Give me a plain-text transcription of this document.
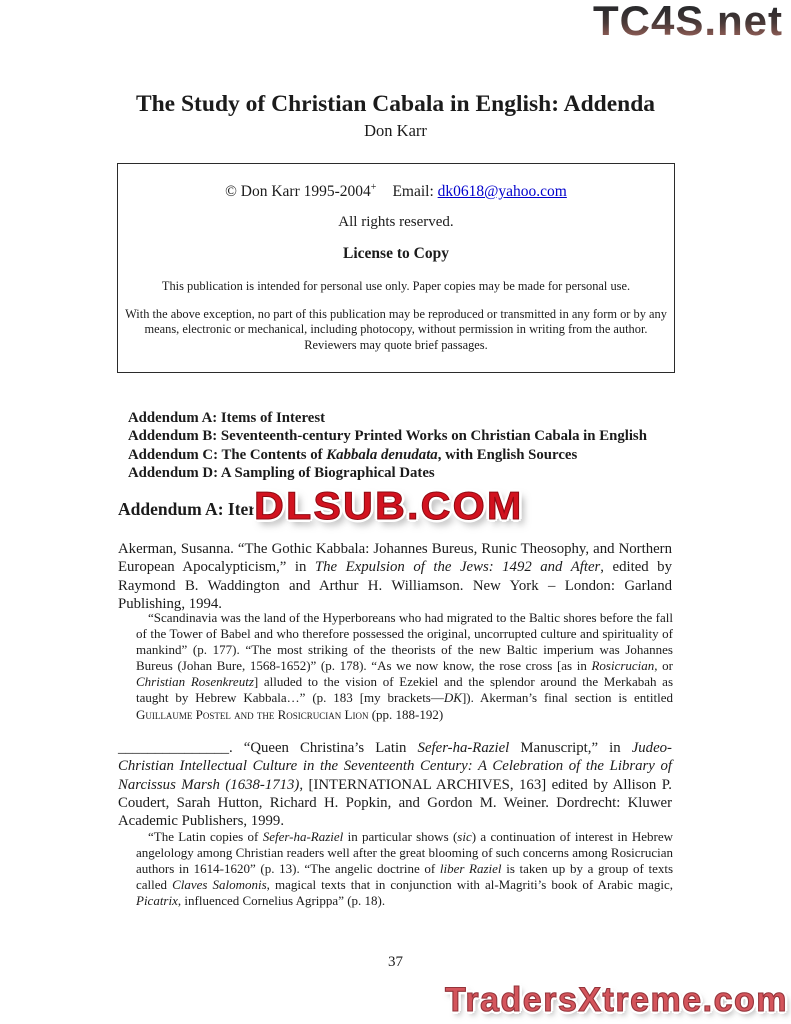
TC4S.net
The Study of Christian Cabala in English: Addenda
Don Karr
© Don Karr 1995-2004+ Email: dk0618@yahoo.com
All rights reserved.
License to Copy
This publication is intended for personal use only. Paper copies may be made for personal use.
With the above exception, no part of this publication may be reproduced or transmitted in any form or by any means, electronic or mechanical, including photocopy, without permission in writing from the author. Reviewers may quote brief passages.
Addendum A: Items of Interest
Addendum B: Seventeenth-century Printed Works on Christian Cabala in English
Addendum C: The Contents of Kabbala denudata, with English Sources
Addendum D: A Sampling of Biographical Dates
Addendum A: Iter
DLSUB.COM
Akerman, Susanna. “The Gothic Kabbala: Johannes Bureus, Runic Theosophy, and Northern European Apocalypticism,” in The Expulsion of the Jews: 1492 and After, edited by Raymond B. Waddington and Arthur H. Williamson. New York – London: Garland Publishing, 1994.
“Scandinavia was the land of the Hyperboreans who had migrated to the Baltic shores before the fall of the Tower of Babel and who therefore possessed the original, uncorrupted culture and spirituality of mankind” (p. 177). “The most striking of the theorists of the new Baltic imperium was Johannes Bureus (Johan Bure, 1568-1652)” (p. 178). “As we now know, the rose cross [as in Rosicrucian, or Christian Rosenkreutz] alluded to the vision of Ezekiel and the splendor around the Merkabah as taught by Hebrew Kabbala…” (p. 183 [my brackets—DK]). Akerman’s final section is entitled Guillaume Postel and the Rosicrucian Lion (pp. 188-192)
_______________. “Queen Christina’s Latin Sefer-ha-Raziel Manuscript,” in Judeo-Christian Intellectual Culture in the Seventeenth Century: A Celebration of the Library of Narcissus Marsh (1638-1713), [INTERNATIONAL ARCHIVES, 163] edited by Allison P. Coudert, Sarah Hutton, Richard H. Popkin, and Gordon M. Weiner. Dordrecht: Kluwer Academic Publishers, 1999.
“The Latin copies of Sefer-ha-Raziel in particular shows (sic) a continuation of interest in Hebrew angelology among Christian readers well after the great blooming of such concerns among Rosicrucian authors in 1614-1620” (p. 13). “The angelic doctrine of liber Raziel is taken up by a group of texts called Claves Salomonis, magical texts that in conjunction with al-Magriti’s book of Arabic magic, Picatrix, influenced Cornelius Agrippa” (p. 18).
37
TradersXtreme.com
